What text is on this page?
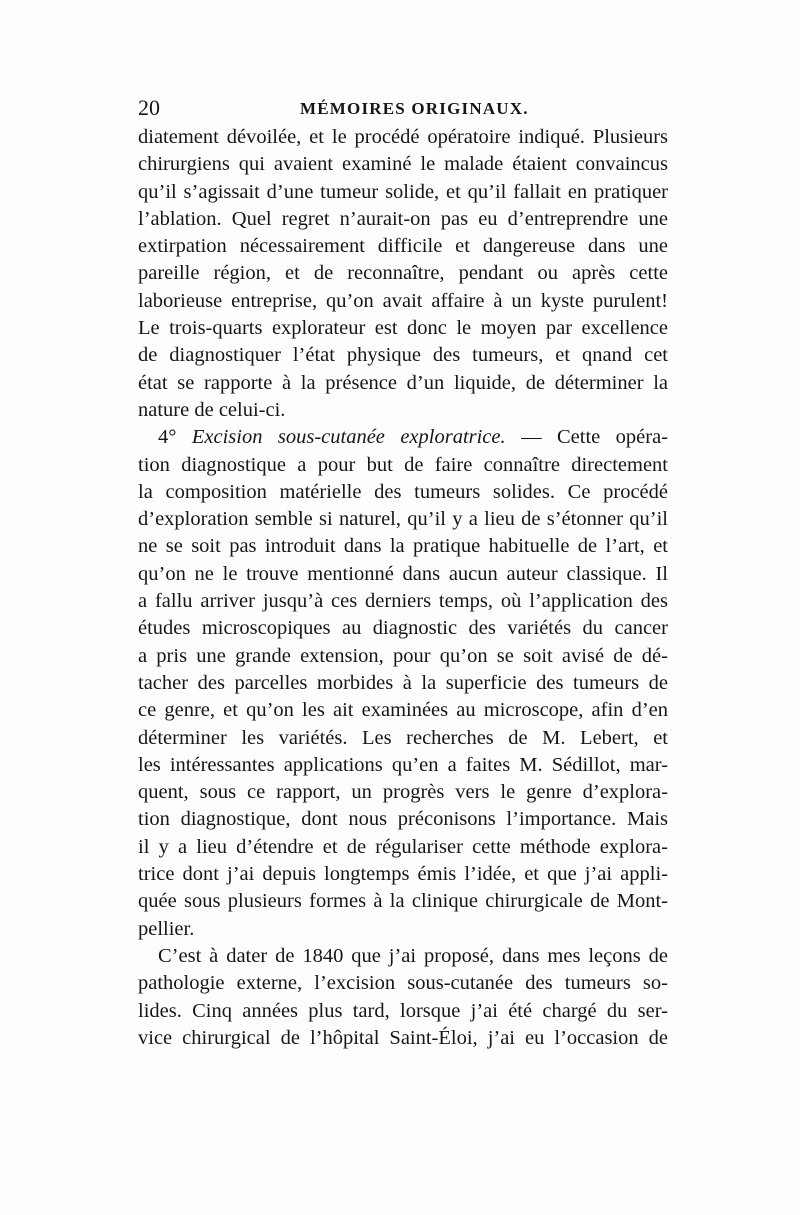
20	MÉMOIRES ORIGINAUX.
diatement dévoilée, et le procédé opératoire indiqué. Plusieurs
chirurgiens qui avaient examiné le malade étaient convaincus
qu’il s’agissait d’une tumeur solide, et qu’il fallait en pratiquer
l’ablation. Quel regret n’aurait-on pas eu d’entreprendre une
extirpation nécessairement difficile et dangereuse dans une
pareille région, et de reconnaître, pendant ou après cette
laborieuse entreprise, qu’on avait affaire à un kyste purulent!
Le trois-quarts explorateur est donc le moyen par excellence
de diagnostiquer l’état physique des tumeurs, et qnand cet
état se rapporte à la présence d’un liquide, de déterminer la
nature de celui-ci.
4° Excision sous-cutanée exploratrice. — Cette opéra-
tion diagnostique a pour but de faire connaître directement
la composition matérielle des tumeurs solides. Ce procédé
d’exploration semble si naturel, qu’il y a lieu de s’étonner qu’il
ne se soit pas introduit dans la pratique habituelle de l’art, et
qu’on ne le trouve mentionné dans aucun auteur classique. Il
a fallu arriver jusqu’à ces derniers temps, où l’application des
études microscopiques au diagnostic des variétés du cancer
a pris une grande extension, pour qu’on se soit avisé de dé-
tacher des parcelles morbides à la superficie des tumeurs de
ce genre, et qu’on les ait examinées au microscope, afin d’en
déterminer les variétés. Les recherches de M. Lebert, et
les intéressantes applications qu’en a faites M. Sédillot, mar-
quent, sous ce rapport, un progrès vers le genre d’explora-
tion diagnostique, dont nous préconisons l’importance. Mais
il y a lieu d’étendre et de régulariser cette méthode explora-
trice dont j’ai depuis longtemps émis l’idée, et que j’ai appli-
quée sous plusieurs formes à la clinique chirurgicale de Mont-
pellier.
C’est à dater de 1840 que j’ai proposé, dans mes leçons de
pathologie externe, l’excision sous-cutanée des tumeurs so-
lides. Cinq années plus tard, lorsque j’ai été chargé du ser-
vice chirurgical de l’hôpital Saint-Éloi, j’ai eu l’occasion de
